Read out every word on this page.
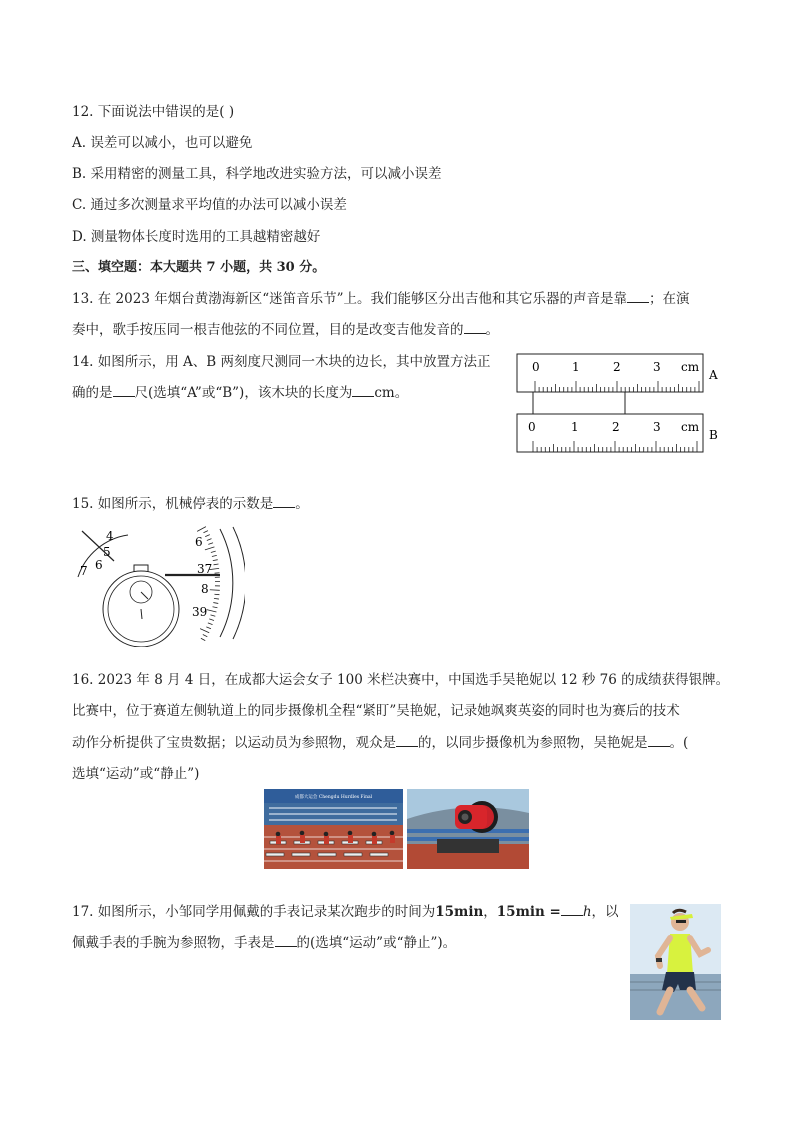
12. 下面说法中错误的是( )
A. 误差可以减小，也可以避免
B. 采用精密的测量工具，科学地改进实验方法，可以减小误差
C. 通过多次测量求平均值的办法可以减小误差
D. 测量物体长度时选用的工具越精密越好
三、填空题：本大题共 7 小题，共 30 分。
13. 在 2023 年烟台黄渤海新区“迷笛音乐节”上。我们能够区分出吉他和其它乐器的声音是靠 ；在演
奏中，歌手按压同一根吉他弦的不同位置，目的是改变吉他发音的 。
14. 如图所示，用 A、B 两刻度尺测同一木块的边长，其中放置方法正
确的是 尺(选填“A”或“B”)，该木块的长度为 cm。
0	1	2	3 cm
A
0	1	2	3 cm
B
15. 如图所示，机械停表的示数是 。
4
5
6
7
6
37
8
39
16. 2023 年 8 月 4 日，在成都大运会女子 100 米栏决赛中，中国选手吴艳妮以 12 秒 76 的成绩获得银牌。
比赛中，位于赛道左侧轨道上的同步摄像机全程“紧盯”吴艳妮，记录她飒爽英姿的同时也为赛后的技术
动作分析提供了宝贵数据；以运动员为参照物，观众是 的，以同步摄像机为参照物，吴艳妮是 。(
选填“运动”或“静止”)
成都大运会 Chengdu Hurdles Final
17. 如图所示，小邹同学用佩戴的手表记录某次跑步的时间为15min，15min = h，以
佩戴手表的手腕为参照物，手表是 的(选填“运动”或“静止”)。
